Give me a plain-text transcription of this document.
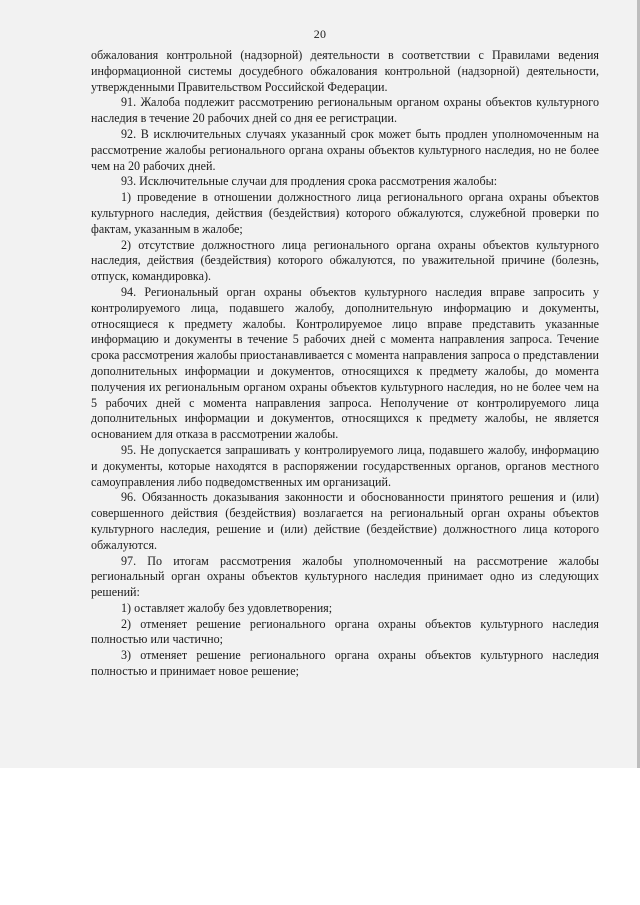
20

обжалования контрольной (надзорной) деятельности в соответствии с Правилами ведения информационной системы досудебного обжалования контрольной (надзорной) деятельности, утвержденными Правительством Российской Федерации.

91. Жалоба подлежит рассмотрению региональным органом охраны объектов культурного наследия в течение 20 рабочих дней со дня ее регистрации.

92. В исключительных случаях указанный срок может быть продлен уполномоченным на рассмотрение жалобы регионального органа охраны объектов культурного наследия, но не более чем на 20 рабочих дней.

93. Исключительные случаи для продления срока рассмотрения жалобы:

1) проведение в отношении должностного лица регионального органа охраны объектов культурного наследия, действия (бездействия) которого обжалуются, служебной проверки по фактам, указанным в жалобе;

2) отсутствие должностного лица регионального органа охраны объектов культурного наследия, действия (бездействия) которого обжалуются, по уважительной причине (болезнь, отпуск, командировка).

94. Региональный орган охраны объектов культурного наследия вправе запросить у контролируемого лица, подавшего жалобу, дополнительную информацию и документы, относящиеся к предмету жалобы. Контролируемое лицо вправе представить указанные информацию и документы в течение 5 рабочих дней с момента направления запроса. Течение срока рассмотрения жалобы приостанавливается с момента направления запроса о представлении дополнительных информации и документов, относящихся к предмету жалобы, до момента получения их региональным органом охраны объектов культурного наследия, но не более чем на 5 рабочих дней с момента направления запроса. Неполучение от контролируемого лица дополнительных информации и документов, относящихся к предмету жалобы, не является основанием для отказа в рассмотрении жалобы.

95. Не допускается запрашивать у контролируемого лица, подавшего жалобу, информацию и документы, которые находятся в распоряжении государственных органов, органов местного самоуправления либо подведомственных им организаций.

96. Обязанность доказывания законности и обоснованности принятого решения и (или) совершенного действия (бездействия) возлагается на региональный орган охраны объектов культурного наследия, решение и (или) действие (бездействие) должностного лица которого обжалуются.

97. По итогам рассмотрения жалобы уполномоченный на рассмотрение жалобы региональный орган охраны объектов культурного наследия принимает одно из следующих решений:

1) оставляет жалобу без удовлетворения;

2) отменяет решение регионального органа охраны объектов культурного наследия полностью или частично;

3) отменяет решение регионального органа охраны объектов культурного наследия полностью и принимает новое решение;
